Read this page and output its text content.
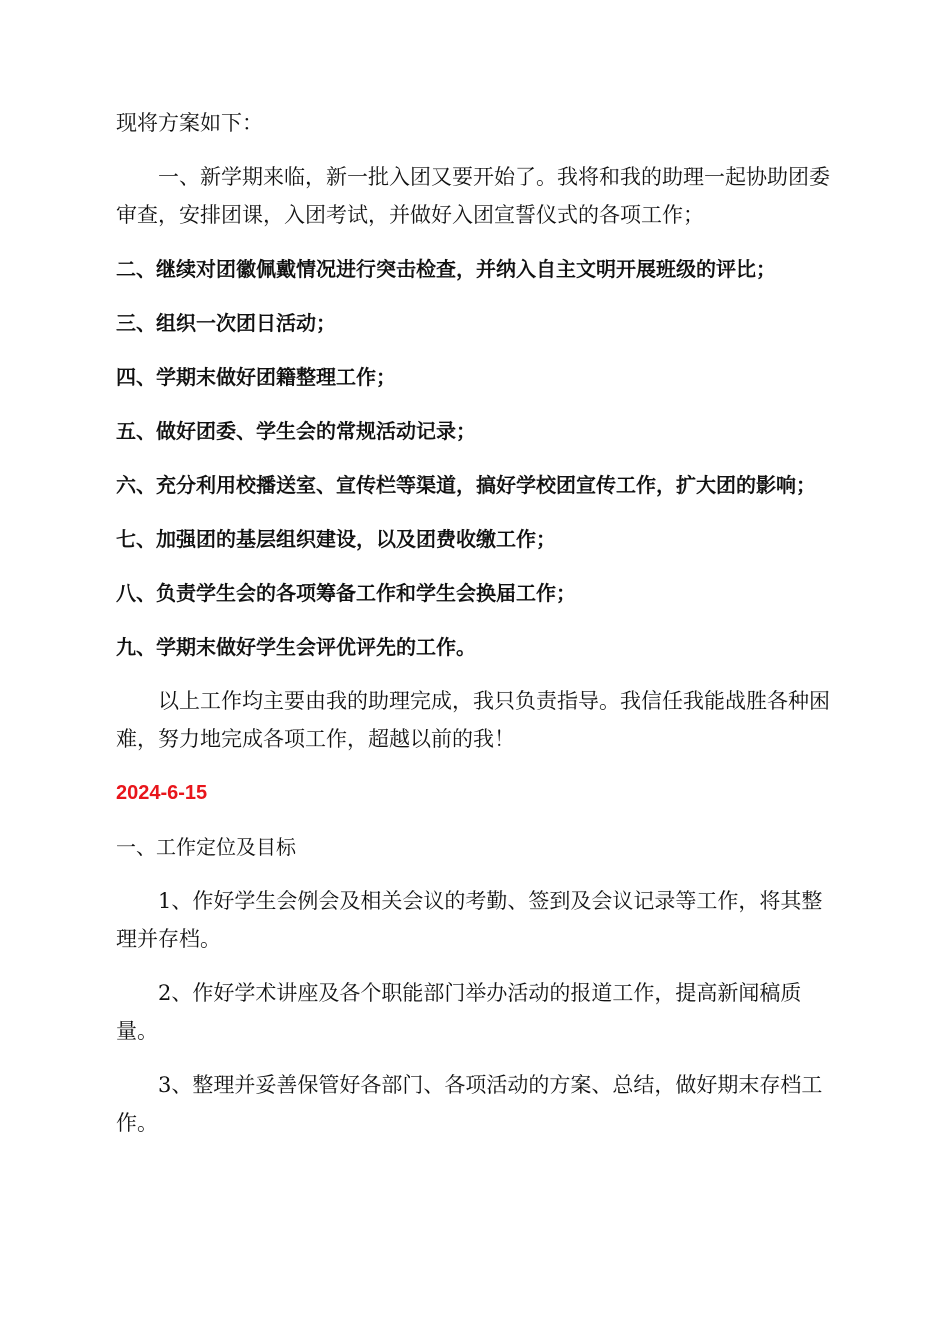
现将方案如下：

一、新学期来临，新一批入团又要开始了。我将和我的助理一起协助团委审查，安排团课，入团考试，并做好入团宣誓仪式的各项工作；

二、继续对团徽佩戴情况进行突击检查，并纳入自主文明开展班级的评比；

三、组织一次团日活动；

四、学期末做好团籍整理工作；

五、做好团委、学生会的常规活动记录；

六、充分利用校播送室、宣传栏等渠道，搞好学校团宣传工作，扩大团的影响；

七、加强团的基层组织建设，以及团费收缴工作；

八、负责学生会的各项筹备工作和学生会换届工作；

九、学期末做好学生会评优评先的工作。

以上工作均主要由我的助理完成，我只负责指导。我信任我能战胜各种困难，努力地完成各项工作，超越以前的我！

2024-6-15

一、工作定位及目标

1、作好学生会例会及相关会议的考勤、签到及会议记录等工作，将其整理并存档。

2、作好学术讲座及各个职能部门举办活动的报道工作，提高新闻稿质量。

3、整理并妥善保管好各部门、各项活动的方案、总结，做好期末存档工作。
